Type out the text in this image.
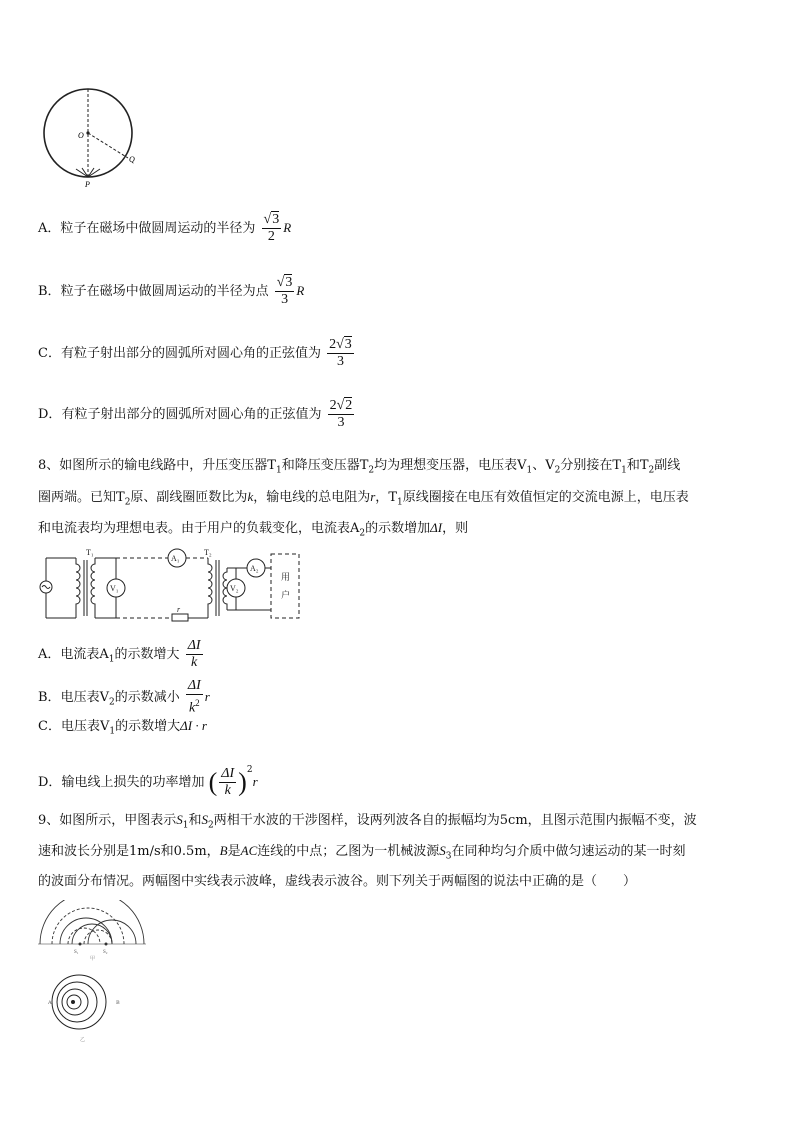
O
Q
P
A．粒子在磁场中做圆周运动的半径为 $\frac{√3}{2}$ R
B．粒子在磁场中做圆周运动的半径为点 $\frac{√3}{3}$ R
C．有粒子射出部分的圆弧所对圆心角的正弦值为 $\frac{2√3}{3}$
D．有粒子射出部分的圆弧所对圆心角的正弦值为 $\frac{2√2}{3}$
8、如图所示的输电线路中，升压变压器$T_1$和降压变压器$T_2$均为理想变压器，电压表$V_1$、$V_2$分别接在$T_1$和$T_2$副线
圈两端。已知$T_2$原、副线圈匝数比为k，输电线的总电阻为r，$T_1$原线圈接在电压有效值恒定的交流电源上，电压表
和电流表均为理想电表。由于用户的负载变化，电流表$A_2$的示数增加ΔI，则
T₁	T₂
V₁
A₁
r
V₂
A₂
用
户
A．电流表$A_1$的示数增大 $\frac{\Delta I}{k}$
B．电压表$V_2$的示数减小 $\frac{\Delta I}{k^2}$ r
C．电压表$V_1$的示数增大ΔI · r
D．输电线上损失的功率增加 ( $\frac{\Delta I}{k} )^2r$
9、如图所示，甲图表示$S_1$和$S_2$两相干水波的干涉图样，设两列波各自的振幅均为5cm，且图示范围内振幅不变，波
速和波长分别是1m/s和0.5m，B是AC连线的中点；乙图为一机械波源$S_3$在同种均匀介质中做匀速运动的某一时刻
的波面分布情况。两幅图中实线表示波峰，虚线表示波谷。则下列关于两幅图的说法中正确的是（　　）
S₁	S₂
甲
A	B
乙
